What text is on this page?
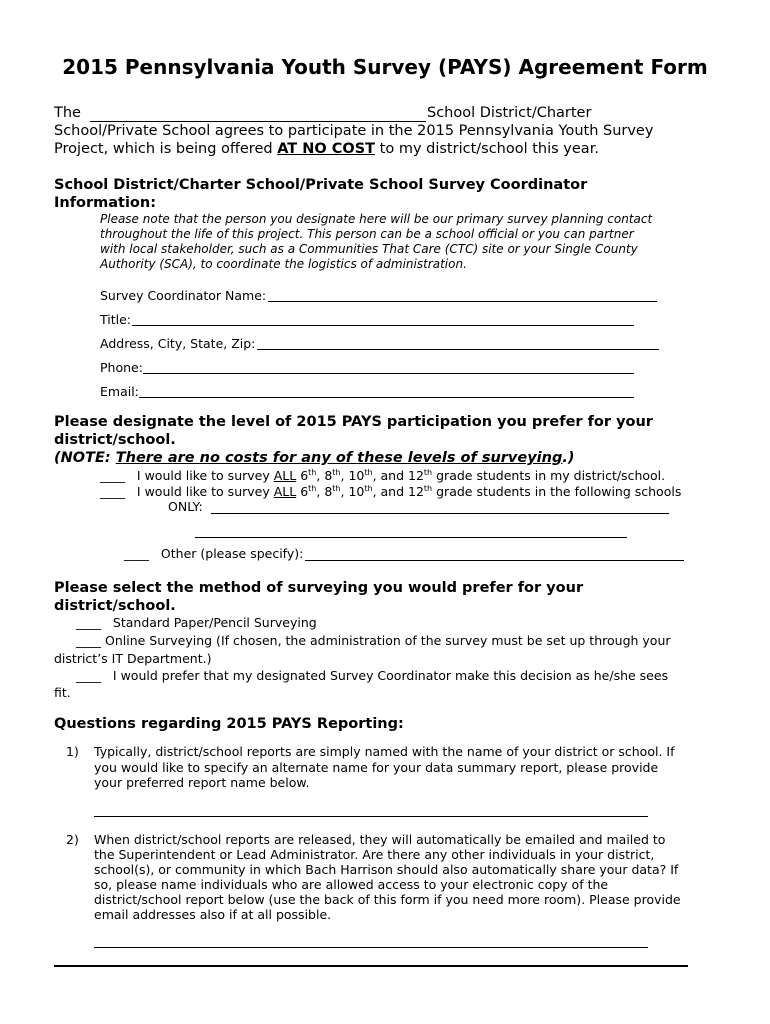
2015 Pennsylvania Youth Survey (PAYS) Agreement Form
The	School District/Charter
School/Private School agrees to participate in the 2015 Pennsylvania Youth Survey
Project, which is being offered AT NO COST to my district/school this year.
School District/Charter School/Private School Survey Coordinator
Information:
Please note that the person you designate here will be our primary survey planning contact
throughout the life of this project. This person can be a school official or you can partner
with local stakeholder, such as a Communities That Care (CTC) site or your Single County
Authority (SCA), to coordinate the logistics of administration.
Survey Coordinator Name:
Title:
Address, City, State, Zip:
Phone:
Email:
Please designate the level of 2015 PAYS participation you prefer for your
district/school.
(NOTE: There are no costs for any of these levels of surveying.)
____ I would like to survey ALL 6th, 8th, 10th, and 12th grade students in my district/school.
____ I would like to survey ALL 6th, 8th, 10th, and 12th grade students in the following schools
ONLY:
____ Other (please specify):
Please select the method of surveying you would prefer for your
district/school.
____ Standard Paper/Pencil Surveying
____ Online Surveying (If chosen, the administration of the survey must be set up through your
district’s IT Department.)
____ I would prefer that my designated Survey Coordinator make this decision as he/she sees
fit.
Questions regarding 2015 PAYS Reporting:
1) Typically, district/school reports are simply named with the name of your district or school. If
you would like to specify an alternate name for your data summary report, please provide
your preferred report name below.
2) When district/school reports are released, they will automatically be emailed and mailed to
the Superintendent or Lead Administrator. Are there any other individuals in your district,
school(s), or community in which Bach Harrison should also automatically share your data? If
so, please name individuals who are allowed access to your electronic copy of the
district/school report below (use the back of this form if you need more room). Please provide
email addresses also if at all possible.
